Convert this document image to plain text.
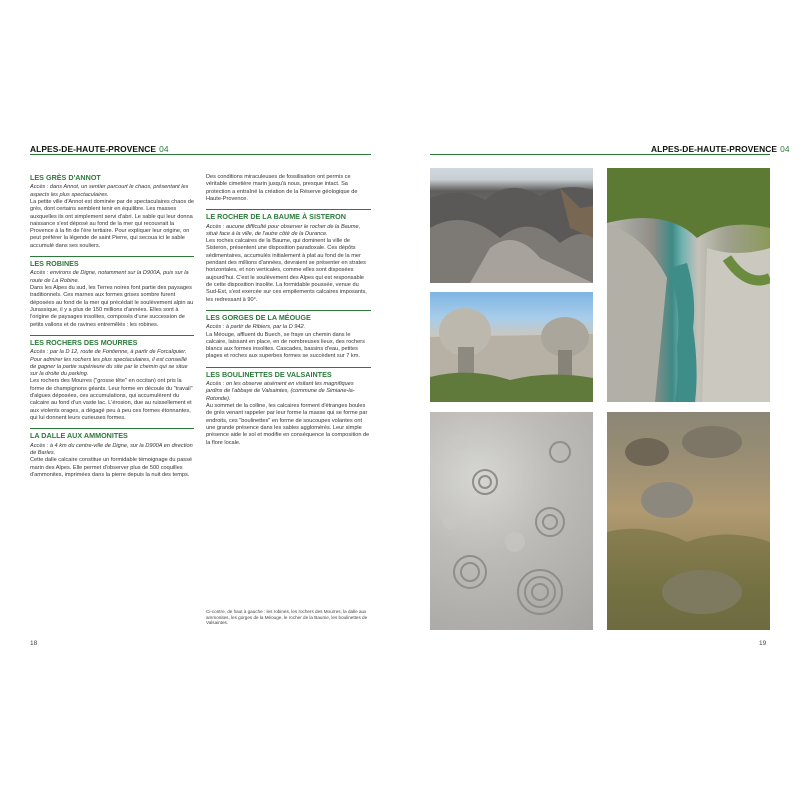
ALPES-DE-HAUTE-PROVENCE 04	ALPES-DE-HAUTE-PROVENCE 04
LES GRÈS D'ANNOT
Accès : dans Annot, un sentier parcourt le chaos, présentant les aspects les plus spectaculaires.
La petite ville d'Annot est dominée par de spectaculaires chaos de grès, dont certains semblent tenir en équilibre. Les masses auxquelles ils ont simplement servi d'abri. Le sable qui leur donna naissance s'est déposé au fond de la mer qui recouvrait la Provence à la fin de l'ère tertiaire. Pour expliquer leur origine, on peut préférer la légende de saint Pierre, qui secoua ici le sable accumulé dans ses souliers.
LES ROBINES
Accès : environs de Digne, notamment sur la D900A, puis sur la route de La Robine.
Dans les Alpes du sud, les Terres noires font partie des paysages traditionnels. Ces marnes aux formes grises sombre furent déposées au fond de la mer qui précédait le soulèvement alpin au Jurassique, il y a plus de 150 millions d'années. Elles sont à l'origine de paysages insolites, composés d'une succession de petits vallons et de ravines entremêlés : les robines.
LES ROCHERS DES MOURRES
Accès : par la D 12, route de Fontienne, à partir de Forcalquier. Pour admirer les rochers les plus spectaculaires, il est conseillé de gagner la partie supérieure du site par le chemin qui se situe sur la droite du parking.
Les rochers des Mourres ("grosse tête" en occitan) ont pris la forme de champignons géants. Leur forme en découle du "travail" d'algues déposées, ces accumulations, qui accumulèrent du calcaire au fond d'un vaste lac. L'érosion, due au ruissellement et aux violents orages, a dégagé peu à peu ces formes étonnantes, qui lui donnent leurs curieuses formes.
LA DALLE AUX AMMONITES
Accès : à 4 km du centre-ville de Digne, sur la D900A en direction de Barles.
Cette dalle calcaire constitue un formidable témoignage du passé marin des Alpes. Elle permet d'observer plus de 500 coquilles d'ammonites, imprimées dans la pierre depuis la nuit des temps.
Des conditions miraculeuses de fossilisation ont permis ce véritable cimetière marin jusqu'à nous, presque intact. Sa protection a entraîné la création de la Réserve géologique de Haute-Provence.
LE ROCHER DE LA BAUME À SISTERON
Accès : aucune difficulté pour observer le rocher de la Baume, situé face à la ville, de l'autre côté de la Durance.
Les roches calcaires de la Baume, qui dominent la ville de Sisteron, présentent une disposition paradoxale. Ces dépôts sédimentaires, accumulés initialement à plat au fond de la mer pendant des millions d'années, devraient se présenter en strates horizontales, et non verticales, comme elles sont disposées aujourd'hui. C'est le soulèvement des Alpes qui est responsable de cette disposition insolite. La formidable poussée, venue du Sud-Est, s'est exercée sur ces empilements calcaires imposants, les redressant à 90°.
LES GORGES DE LA MÉOUGE
Accès : à partir de Ribiers, par la D 942.
La Méouge, affluent du Buech, se fraye un chemin dans le calcaire, laissant en place, en de nombreuses lieux, des rochers blancs aux formes insolites. Cascades, bassins d'eau, petites plages et roches aux superbes formes se succèdent sur 7 km.
LES BOULINETTES DE VALSAINTES
Accès : on les observe aisément en visitant les magnifiques jardins de l'abbaye de Valsaintes, (commune de Simiane-la-Rotonde).
Au sommet de la colline, les calcaires forment d'étranges boules de grès venant rappeler par leur forme la masse qui se forme par endroits, ces "boulinettes" en forme de soucoupes volantes ont une grande présence dans les sables agglomérés. Leur simple présence aide le sol et modifie en conséquence la composition de la flore locale.
Ci-contre, de haut à gauche : les robines, les rochers des Mourres, la dalle aux ammonites, les gorges de la Méouge, le rocher de la Baume, les boulinettes de Valsaintes.
18	19
